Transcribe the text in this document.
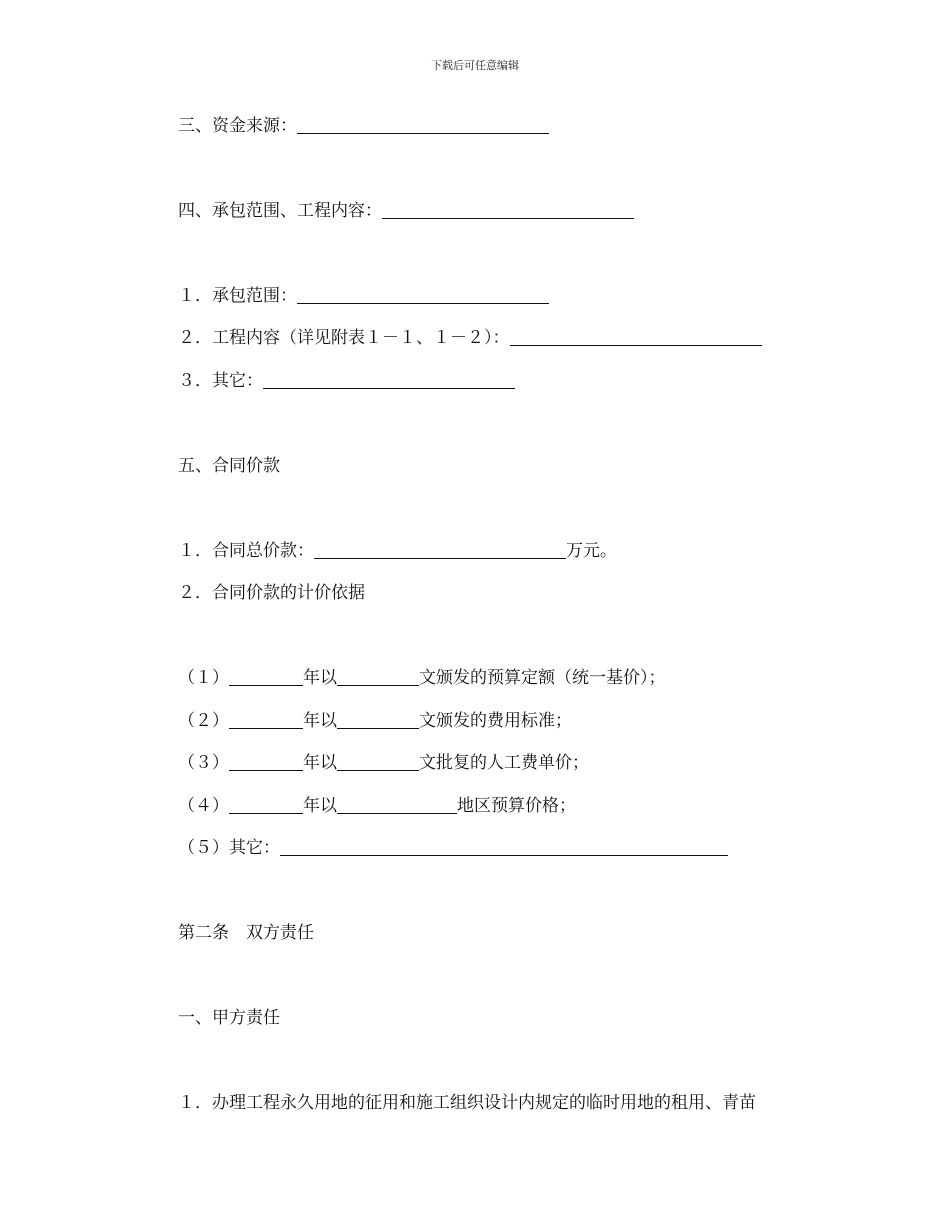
下载后可任意编辑
三、资金来源：
四、承包范围、工程内容：
１．承包范围：
２．工程内容（详见附表１－１、１－２）：
３．其它：
五、合同价款
１．合同总价款：	万元。
２．合同价款的计价依据
（１）	年以	文颁发的预算定额（统一基价）；
（２）	年以	文颁发的费用标准；
（３）	年以	文批复的人工费单价；
（４）	年以	地区预算价格；
（５）其它：
第二条　双方责任
一、甲方责任
１．办理工程永久用地的征用和施工组织设计内规定的临时用地的租用、青苗
